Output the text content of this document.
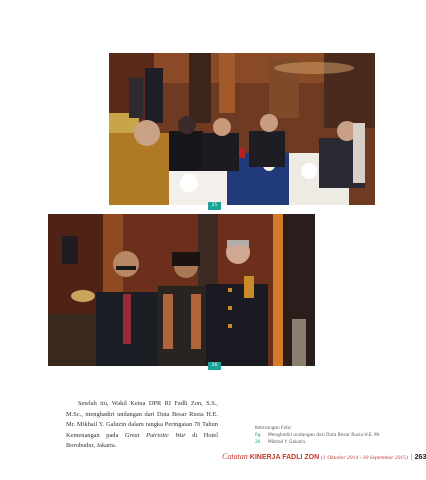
25
26

Setelah itu, Wakil Ketua DPR RI Fadli Zon, S.S., M.Sc., menghadiri undangan dari Duta Besar Rusia H.E. Mr. Mikhail Y. Galuzin dalam rangka Peringatan 70 Tahun Kemenangan pada Great Patriotic War di Hotel Borobudur, Jakarta.

Keterangan Foto:
fig. 26
Menghadiri undangan dari Duta Besar Rusia H.E. Mr. Mikhail Y. Galuzin.
Catatan KINERJA FADLI ZON (1 Oktober 2014 - 30 September 2015) | 263
